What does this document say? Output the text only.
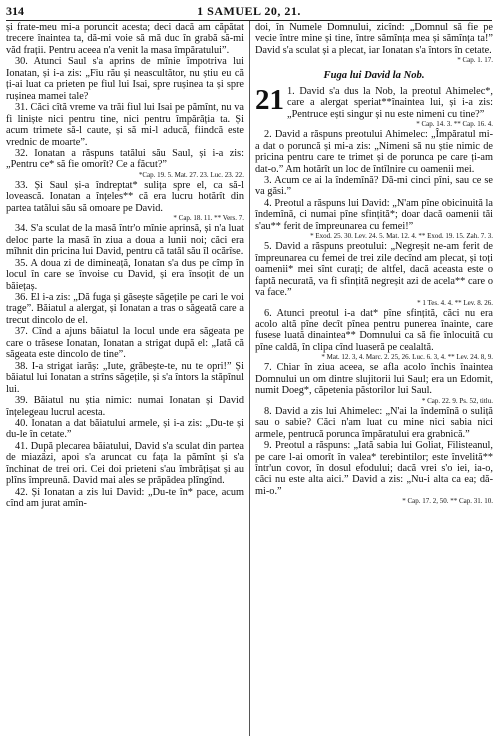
314	1 SAMUEL 20, 21.

și frate-meu mi-a poruncit acesta; deci dacă am căpătat trecere înaintea ta, dă-mi voie să mă duc în grabă să-mi văd frații. Pentru aceea n'a venit la masa împăratului”.

30. Atunci Saul s'a aprins de mînie împotriva lui Ionatan, și i-a zis: „Fiu rău și neascultător, nu știu eu că ți-ai luat ca prieten pe fiul lui Isai, spre rușinea ta și spre rușinea mamei tale?

31. Căci cîtă vreme va trăi fiul lui Isai pe pămînt, nu va fi liniște nici pentru tine, nici pentru împărăția ta. Și acum trimete să-l caute, și să mi-l aducă, fiindcă este vrednic de moarte”.

32. Ionatan a răspuns tatălui său Saul, și i-a zis: „Pentru ce* să fie omorît? Ce a făcut?”

*Cap. 19. 5. Mat. 27. 23. Luc. 23. 22.

33. Și Saul și-a îndreptat* sulița spre el, ca să-l lovească. Ionatan a înțeles** că era lucru hotărît din partea tatălui său să omoare pe David.

* Cap. 18. 11. ** Vers. 7.

34. S'a sculat de la masă într'o mînie aprinsă, și n'a luat deloc parte la masă în ziua a doua a lunii noi; căci era mîhnit din pricina lui David, pentru că tatăl său îl ocărîse.

35. A doua zi de dimineață, Ionatan s'a dus pe cîmp în locul în care se învoise cu David, și era însoțit de un băiețaș.

36. El i-a zis: „Dă fuga și găsește săgețile pe cari le voi trage”. Băiatul a alergat, și Ionatan a tras o săgeată care a trecut dincolo de el.

37. Cînd a ajuns băiatul la locul unde era săgeata pe care o trăsese Ionatan, Ionatan a strigat după el: „Iată că săgeata este dincolo de tine”.

38. I-a strigat iarăș: „Iute, grăbește-te, nu te opri!” Și băiatul lui Ionatan a strîns săgețile, și s'a întors la stăpînul lui.

39. Băiatul nu știa nimic: numai Ionatan și David înțelegeau lucrul acesta.

40. Ionatan a dat băiatului armele, și i-a zis: „Du-te și du-le în cetate.”

41. După plecarea băiatului, David s'a sculat din partea de miazăzi, apoi s'a aruncat cu fața la pămînt și s'a închinat de trei ori. Cei doi prieteni s'au îmbrățișat și au plîns împreună. David mai ales se prăpădea plîngînd.

42. Și Ionatan a zis lui David: „Du-te în* pace, acum cînd am jurat amîn-

doi, în Numele Domnului, zicînd: „Domnul să fie pe vecie între mine și tine, între sămînța mea și sămînța ta!” David s'a sculat și a plecat, iar Ionatan s'a întors în cetate.

* Cap. 1. 17.
Fuga lui David la Nob.
21 1. David s'a dus la Nob, la preotul Ahimelec*, care a alergat speriat**înaintea lui, și i-a zis: „Pentruce ești singur și nu este nimeni cu tine?”

* Cap. 14. 3. ** Cap. 16. 4.

2. David a răspuns preotului Ahimelec: „Împăratul mi-a dat o poruncă și mi-a zis: „Nimeni să nu știe nimic de pricina pentru care te trimet și de porunca pe care ți-am dat-o.” Am hotărît un loc de întîlnire cu oamenii mei.

3. Acum ce ai la îndemînă? Dă-mi cinci pîni, sau ce se va găsi.”

4. Preotul a răspuns lui David: „N'am pîne obicinuită la îndemînă, ci numai pîne sfințită*; doar dacă oamenii tăi s'au** ferit de împreunarea cu femei!”

* Exod. 25. 30. Lev. 24. 5. Mat. 12. 4. ** Exod. 19. 15. Zah. 7. 3.

5. David a răspuns preotului: „Negreșit ne-am ferit de împreunarea cu femei de trei zile decînd am plecat, și toți oamenii* mei sînt curați; de altfel, dacă aceasta este o faptă necurată, va fi sfințită negreșit azi de acela** care o va face.”

* 1 Tes. 4. 4. ** Lev. 8. 26.

6. Atunci preotul i-a dat* pîne sfințită, căci nu era acolo altă pîne decît pînea pentru punerea înainte, care fusese luată dinaintea** Domnului ca să fie înlocuită cu pîne caldă, în clipa cînd luaseră pe cealaltă.

* Mat. 12. 3, 4. Marc. 2. 25, 26. Luc. 6. 3, 4. ** Lev. 24. 8, 9.

7. Chiar în ziua aceea, se afla acolo închis înaintea Domnului un om dintre slujitorii lui Saul; era un Edomit, numit Doeg*, căpetenia păstorilor lui Saul.

* Cap. 22. 9. Ps. 52, titlu.

8. David a zis lui Ahimelec: „N'ai la îndemînă o suliță sau o sabie? Căci n'am luat cu mine nici sabia nici armele, pentrucă porunca împăratului era grabnică.”

9. Preotul a răspuns: „Iată sabia lui Goliat, Filisteanul, pe care l-ai omorît în valea* terebintilor; este învelită** într'un covor, în dosul efodului; dacă vrei s'o iei, ia-o, căci nu este alta aici.” David a zis: „Nu-i alta ca ea; dă-mi-o.”

* Cap. 17. 2, 50. ** Cap. 31. 10.
